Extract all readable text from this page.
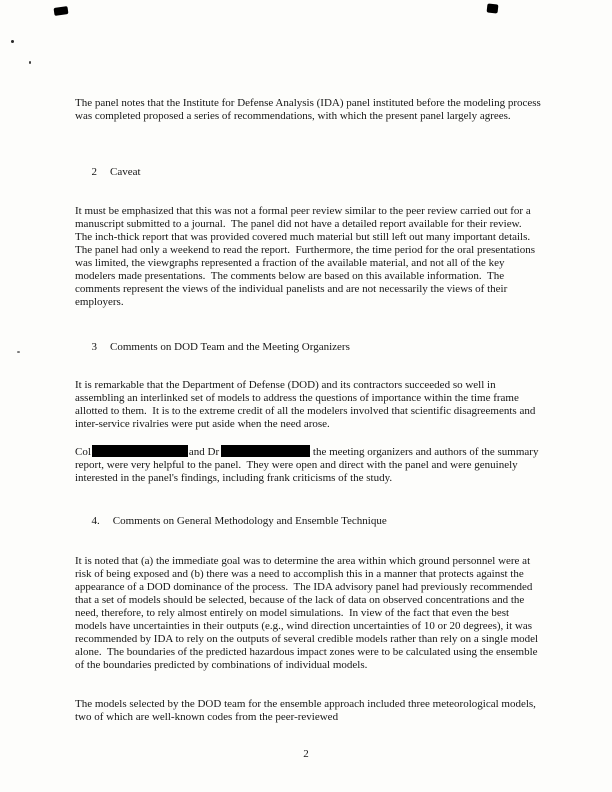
The panel notes that the Institute for Defense Analysis (IDA) panel instituted before the modeling process was completed proposed a series of recommendations, with which the present panel largely agrees.

2 Caveat

It must be emphasized that this was not a formal peer review similar to the peer review carried out for a manuscript submitted to a journal.  The panel did not have a detailed report available for their review.  The inch-thick report that was provided covered much material but still left out many important details.  The panel had only a weekend to read the report.  Furthermore, the time period for the oral presentations was limited, the viewgraphs represented a fraction of the available material, and not all of the key modelers made presentations.  The comments below are based on this available information.  The comments represent the views of the individual panelists and are not necessarily the views of their employers.

3 Comments on DOD Team and the Meeting Organizers

It is remarkable that the Department of Defense (DOD) and its contractors succeeded so well in assembling an interlinked set of models to address the questions of importance within the time frame allotted to them.  It is to the extreme credit of all the modelers involved that scientific disagreements and inter-service rivalries were put aside when the need arose.

Col	and Dr	the meeting organizers and authors of the summary report, were very helpful to the panel.  They were open and direct with the panel and were genuinely interested in the panel's findings, including frank criticisms of the study.

4. Comments on General Methodology and Ensemble Technique

It is noted that (a) the immediate goal was to determine the area within which ground personnel were at risk of being exposed and (b) there was a need to accomplish this in a manner that protects against the appearance of a DOD dominance of the process.  The IDA advisory panel had previously recommended that a set of models should be selected, because of the lack of data on observed concentrations and the need, therefore, to rely almost entirely on model simulations.  In view of the fact that even the best models have uncertainties in their outputs (e.g., wind direction uncertainties of 10 or 20 degrees), it was recommended by IDA to rely on the outputs of several credible models rather than rely on a single model alone.  The boundaries of the predicted hazardous impact zones were to be calculated using the ensemble of the boundaries predicted by combinations of individual models.

The models selected by the DOD team for the ensemble approach included three meteorological models, two of which are well-known codes from the peer-reviewed

2
